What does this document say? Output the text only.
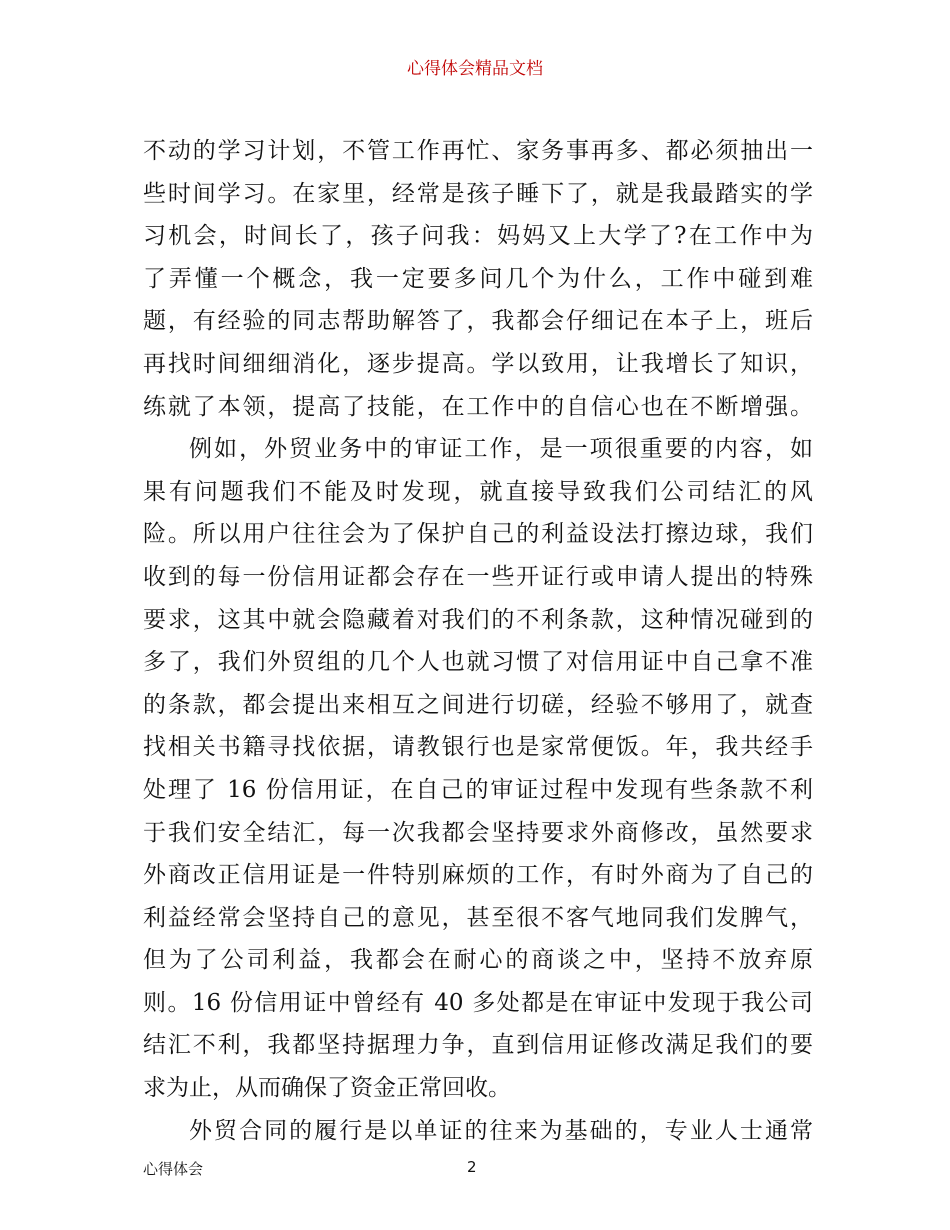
心得体会精品文档
不动的学习计划，不管工作再忙、家务事再多、都必须抽出一
些时间学习。在家里，经常是孩子睡下了，就是我最踏实的学
习机会，时间长了，孩子问我：妈妈又上大学了?在工作中为
了弄懂一个概念，我一定要多问几个为什么，工作中碰到难
题，有经验的同志帮助解答了，我都会仔细记在本子上，班后
再找时间细细消化，逐步提高。学以致用，让我增长了知识，
练就了本领，提高了技能，在工作中的自信心也在不断增强。
例如，外贸业务中的审证工作，是一项很重要的内容，如
果有问题我们不能及时发现，就直接导致我们公司结汇的风
险。所以用户往往会为了保护自己的利益设法打擦边球，我们
收到的每一份信用证都会存在一些开证行或申请人提出的特殊
要求，这其中就会隐藏着对我们的不利条款，这种情况碰到的
多了，我们外贸组的几个人也就习惯了对信用证中自己拿不准
的条款，都会提出来相互之间进行切磋，经验不够用了，就查
找相关书籍寻找依据，请教银行也是家常便饭。年，我共经手
处理了 16 份信用证，在自己的审证过程中发现有些条款不利
于我们安全结汇，每一次我都会坚持要求外商修改，虽然要求
外商改正信用证是一件特别麻烦的工作，有时外商为了自己的
利益经常会坚持自己的意见，甚至很不客气地同我们发脾气，
但为了公司利益，我都会在耐心的商谈之中，坚持不放弃原
则。16 份信用证中曾经有 40 多处都是在审证中发现于我公司
结汇不利，我都坚持据理力争，直到信用证修改满足我们的要
求为止，从而确保了资金正常回收。
外贸合同的履行是以单证的往来为基础的，专业人士通常
心得体会	2
